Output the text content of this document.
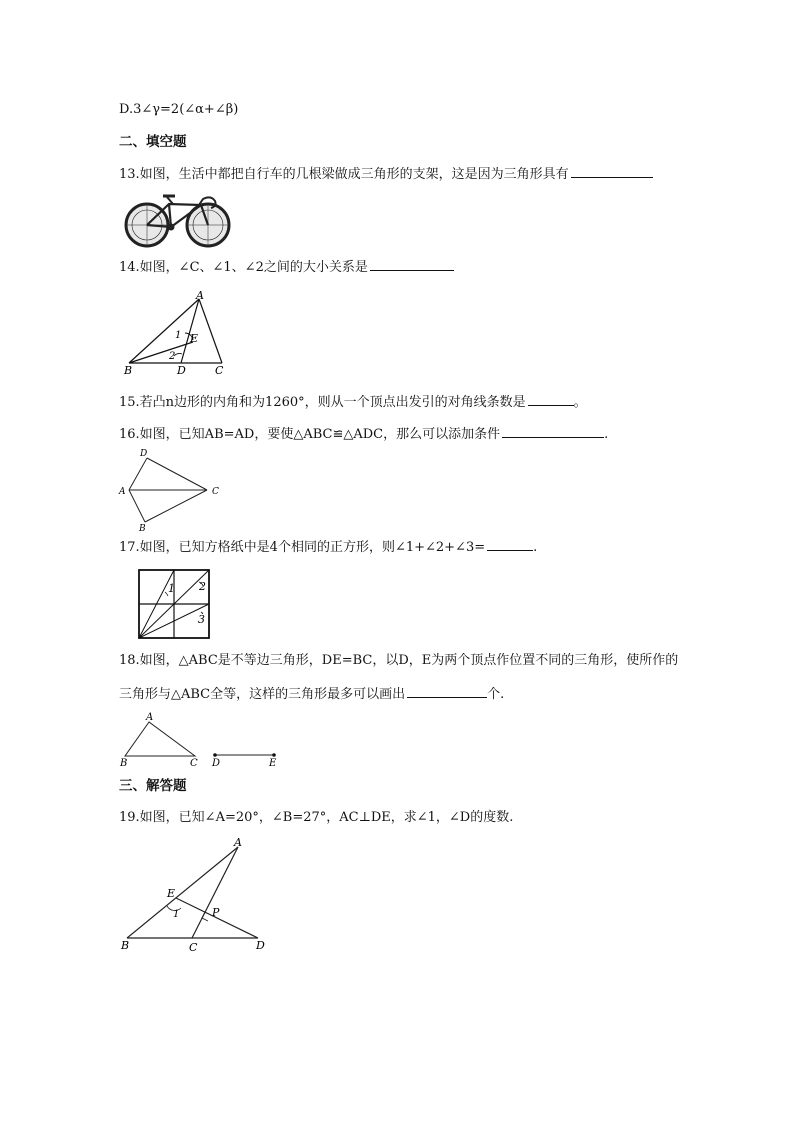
D.3∠γ=2(∠α+∠β)
二、填空题
13.如图，生活中都把自行车的几根梁做成三角形的支架，这是因为三角形具有
14.如图，∠C、∠1、∠2之间的大小关系是
A
B	C
D
E
1
2
15.若凸n边形的内角和为1260°，则从一个顶点出发引的对角线条数是	。
16.如图，已知AB=AD，要使△ABC≌△ADC，那么可以添加条件	.
D
A	C
B
17.如图，已知方格纸中是4个相同的正方形，则∠1+∠2+∠3=	.
1 2
3
18.如图，△ABC是不等边三角形，DE=BC，以D，E为两个顶点作位置不同的三角形，使所作的
三角形与△ABC全等，这样的三角形最多可以画出	个.
A
B	C D	E
三、解答题
19.如图，已知∠A=20°，∠B=27°，AC⊥DE，求∠1，∠D的度数.
A
B	C	D
E
P
1
